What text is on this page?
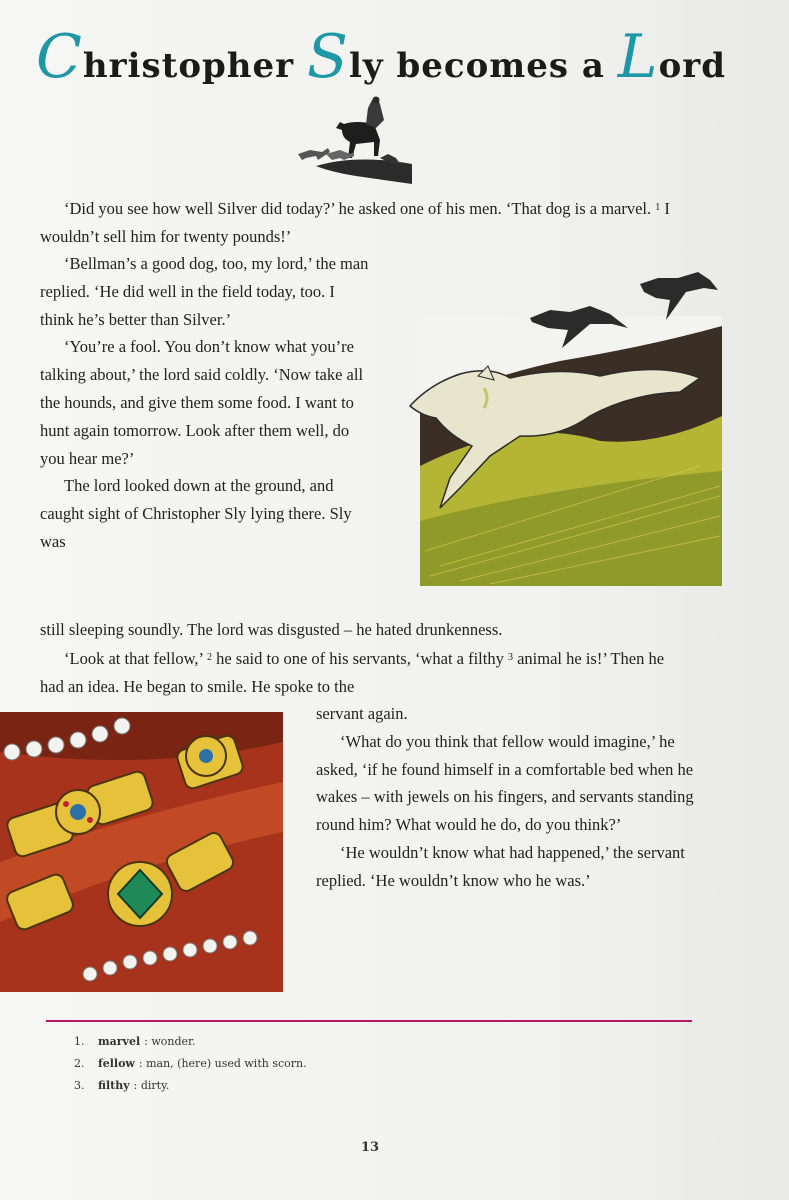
Christopher Sly becomes a Lord

‘Did you see how well Silver did today?’ he asked one of his men. ‘That dog is a marvel. $^1$ I wouldn’t sell him for twenty pounds!’

‘Bellman’s a good dog, too, my lord,’ the man replied. ‘He did well in the field today, too. I think he’s better than Silver.’

‘You’re a fool. You don’t know what you’re talking about,’ the lord said coldly. ‘Now take all the hounds, and give them some food. I want to hunt again tomorrow. Look after them well, do you hear me?’

The lord looked down at the ground, and caught sight of Christopher Sly lying there. Sly was

still sleeping soundly. The lord was disgusted – he hated drunkenness.

‘Look at that fellow,’ $^2$ he said to one of his servants, ‘what a filthy $^3$ animal he is!’ Then he had an idea. He began to smile. He spoke to the

servant again.

‘What do you think that fellow would imagine,’ he asked, ‘if he found himself in a comfortable bed when he wakes – with jewels on his fingers, and servants standing round him? What would he do, do you think?’

‘He wouldn’t know what had happened,’ the servant replied. ‘He wouldn’t know who he was.’

1.	marvel : wonder.
2.	fellow : man, (here) used with scorn.
3.	filthy : dirty.
13
